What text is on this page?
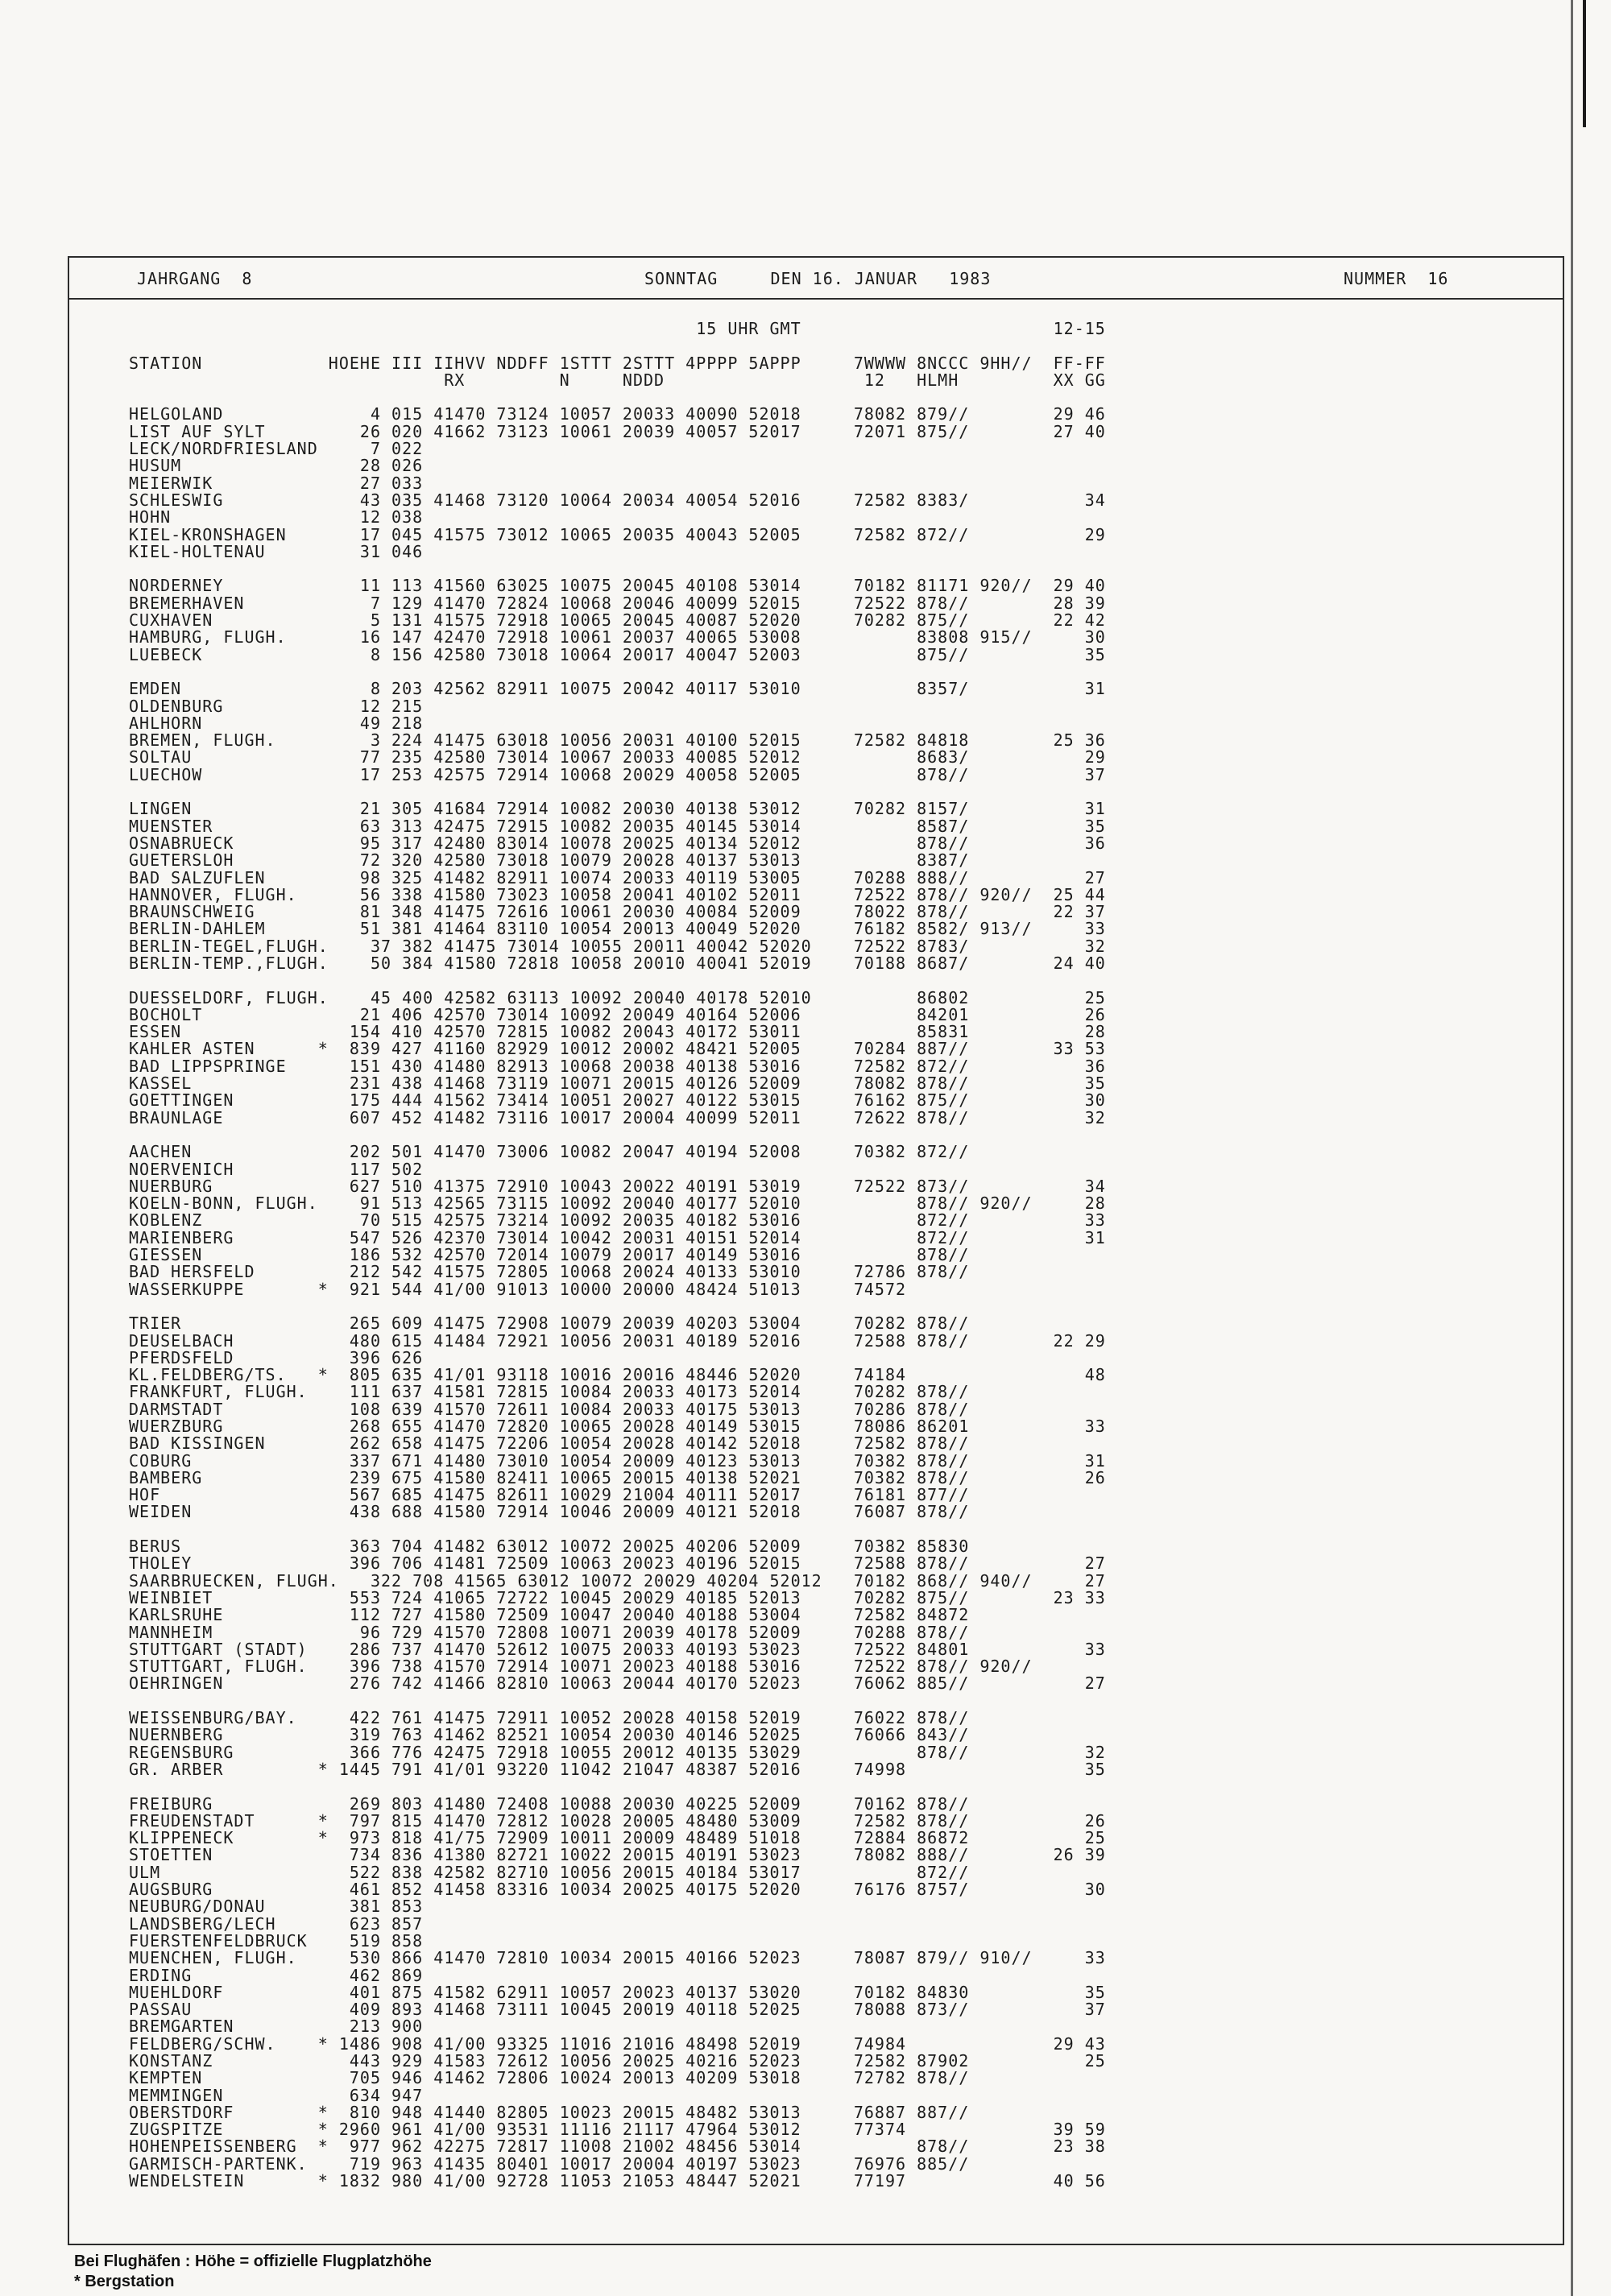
JAHRGANG  8	SONNTAG     DEN 16. JANUAR   1983	NUMMER  16
15 UHR GMT                        12-15

STATION            HOEHE III IIHVV NDDFF 1STTT 2STTT 4PPPP 5APPP     7WWWW 8NCCC 9HH//  FF-FF
RX         N     NDDD                   12   HLMH         XX GG

HELGOLAND              4 015 41470 73124 10057 20033 40090 52018     78082 879//        29 46
LIST AUF SYLT         26 020 41662 73123 10061 20039 40057 52017     72071 875//        27 40
LECK/NORDFRIESLAND     7 022
HUSUM                 28 026
MEIERWIK              27 033
SCHLESWIG             43 035 41468 73120 10064 20034 40054 52016     72582 8383/           34
HOHN                  12 038
KIEL-KRONSHAGEN       17 045 41575 73012 10065 20035 40043 52005     72582 872//           29
KIEL-HOLTENAU         31 046

NORDERNEY             11 113 41560 63025 10075 20045 40108 53014     70182 81171 920//  29 40
BREMERHAVEN            7 129 41470 72824 10068 20046 40099 52015     72522 878//        28 39
CUXHAVEN               5 131 41575 72918 10065 20045 40087 52020     70282 875//        22 42
HAMBURG, FLUGH.       16 147 42470 72918 10061 20037 40065 53008           83808 915//     30
LUEBECK                8 156 42580 73018 10064 20017 40047 52003           875//           35

EMDEN                  8 203 42562 82911 10075 20042 40117 53010           8357/           31
OLDENBURG             12 215
AHLHORN               49 218
BREMEN, FLUGH.         3 224 41475 63018 10056 20031 40100 52015     72582 84818        25 36
SOLTAU                77 235 42580 73014 10067 20033 40085 52012           8683/           29
LUECHOW               17 253 42575 72914 10068 20029 40058 52005           878//           37

LINGEN                21 305 41684 72914 10082 20030 40138 53012     70282 8157/           31
MUENSTER              63 313 42475 72915 10082 20035 40145 53014           8587/           35
OSNABRUECK            95 317 42480 83014 10078 20025 40134 52012           878//           36
GUETERSLOH            72 320 42580 73018 10079 20028 40137 53013           8387/
BAD SALZUFLEN         98 325 41482 82911 10074 20033 40119 53005     70288 888//           27
HANNOVER, FLUGH.      56 338 41580 73023 10058 20041 40102 52011     72522 878// 920//  25 44
BRAUNSCHWEIG          81 348 41475 72616 10061 20030 40084 52009     78022 878//        22 37
BERLIN-DAHLEM         51 381 41464 83110 10054 20013 40049 52020     76182 8582/ 913//     33
BERLIN-TEGEL,FLUGH.    37 382 41475 73014 10055 20011 40042 52020    72522 8783/           32
BERLIN-TEMP.,FLUGH.    50 384 41580 72818 10058 20010 40041 52019    70188 8687/        24 40

DUESSELDORF, FLUGH.    45 400 42582 63113 10092 20040 40178 52010          86802           25
BOCHOLT               21 406 42570 73014 10092 20049 40164 52006           84201           26
ESSEN                154 410 42570 72815 10082 20043 40172 53011           85831           28
KAHLER ASTEN      *  839 427 41160 82929 10012 20002 48421 52005     70284 887//        33 53
BAD LIPPSPRINGE      151 430 41480 82913 10068 20038 40138 53016     72582 872//           36
KASSEL               231 438 41468 73119 10071 20015 40126 52009     78082 878//           35
GOETTINGEN           175 444 41562 73414 10051 20027 40122 53015     76162 875//           30
BRAUNLAGE            607 452 41482 73116 10017 20004 40099 52011     72622 878//           32

AACHEN               202 501 41470 73006 10082 20047 40194 52008     70382 872//
NOERVENICH           117 502
NUERBURG             627 510 41375 72910 10043 20022 40191 53019     72522 873//           34
KOELN-BONN, FLUGH.    91 513 42565 73115 10092 20040 40177 52010           878// 920//     28
KOBLENZ               70 515 42575 73214 10092 20035 40182 53016           872//           33
MARIENBERG           547 526 42370 73014 10042 20031 40151 52014           872//           31
GIESSEN              186 532 42570 72014 10079 20017 40149 53016           878//
BAD HERSFELD         212 542 41575 72805 10068 20024 40133 53010     72786 878//
WASSERKUPPE       *  921 544 41/00 91013 10000 20000 48424 51013     74572

TRIER                265 609 41475 72908 10079 20039 40203 53004     70282 878//
DEUSELBACH           480 615 41484 72921 10056 20031 40189 52016     72588 878//        22 29
PFERDSFELD           396 626
KL.FELDBERG/TS.   *  805 635 41/01 93118 10016 20016 48446 52020     74184                 48
FRANKFURT, FLUGH.    111 637 41581 72815 10084 20033 40173 52014     70282 878//
DARMSTADT            108 639 41570 72611 10084 20033 40175 53013     70286 878//
WUERZBURG            268 655 41470 72820 10065 20028 40149 53015     78086 86201           33
BAD KISSINGEN        262 658 41475 72206 10054 20028 40142 52018     72582 878//
COBURG               337 671 41480 73010 10054 20009 40123 53013     70382 878//           31
BAMBERG              239 675 41580 82411 10065 20015 40138 52021     70382 878//           26
HOF                  567 685 41475 82611 10029 21004 40111 52017     76181 877//
WEIDEN               438 688 41580 72914 10046 20009 40121 52018     76087 878//

BERUS                363 704 41482 63012 10072 20025 40206 52009     70382 85830
THOLEY               396 706 41481 72509 10063 20023 40196 52015     72588 878//           27
SAARBRUECKEN, FLUGH.   322 708 41565 63012 10072 20029 40204 52012   70182 868// 940//     27
WEINBIET             553 724 41065 72722 10045 20029 40185 52013     70282 875//        23 33
KARLSRUHE            112 727 41580 72509 10047 20040 40188 53004     72582 84872
MANNHEIM              96 729 41570 72808 10071 20039 40178 52009     70288 878//
STUTTGART (STADT)    286 737 41470 52612 10075 20033 40193 53023     72522 84801           33
STUTTGART, FLUGH.    396 738 41570 72914 10071 20023 40188 53016     72522 878// 920//
OEHRINGEN            276 742 41466 82810 10063 20044 40170 52023     76062 885//           27

WEISSENBURG/BAY.     422 761 41475 72911 10052 20028 40158 52019     76022 878//
NUERNBERG            319 763 41462 82521 10054 20030 40146 52025     76066 843//
REGENSBURG           366 776 42475 72918 10055 20012 40135 53029           878//           32
GR. ARBER         * 1445 791 41/01 93220 11042 21047 48387 52016     74998                 35

FREIBURG             269 803 41480 72408 10088 20030 40225 52009     70162 878//
FREUDENSTADT      *  797 815 41470 72812 10028 20005 48480 53009     72582 878//           26
KLIPPENECK        *  973 818 41/75 72909 10011 20009 48489 51018     72884 86872           25
STOETTEN             734 836 41380 82721 10022 20015 40191 53023     78082 888//        26 39
ULM                  522 838 42582 82710 10056 20015 40184 53017           872//
AUGSBURG             461 852 41458 83316 10034 20025 40175 52020     76176 8757/           30
NEUBURG/DONAU        381 853
LANDSBERG/LECH       623 857
FUERSTENFELDBRUCK    519 858
MUENCHEN, FLUGH.     530 866 41470 72810 10034 20015 40166 52023     78087 879// 910//     33
ERDING               462 869
MUEHLDORF            401 875 41582 62911 10057 20023 40137 53020     70182 84830           35
PASSAU               409 893 41468 73111 10045 20019 40118 52025     78088 873//           37
BREMGARTEN           213 900
FELDBERG/SCHW.    * 1486 908 41/00 93325 11016 21016 48498 52019     74984              29 43
KONSTANZ             443 929 41583 72612 10056 20025 40216 52023     72582 87902           25
KEMPTEN              705 946 41462 72806 10024 20013 40209 53018     72782 878//
MEMMINGEN            634 947
OBERSTDORF        *  810 948 41440 82805 10023 20015 48482 53013     76887 887//
ZUGSPITZE         * 2960 961 41/00 93531 11116 21117 47964 53012     77374              39 59
HOHENPEISSENBERG  *  977 962 42275 72817 11008 21002 48456 53014           878//        23 38
GARMISCH-PARTENK.    719 963 41435 80401 10017 20004 40197 53023     76976 885//
WENDELSTEIN       * 1832 980 41/00 92728 11053 21053 48447 52021     77197              40 56
Bei Flughäfen : Höhe = offizielle Flugplatzhöhe
* Bergstation
